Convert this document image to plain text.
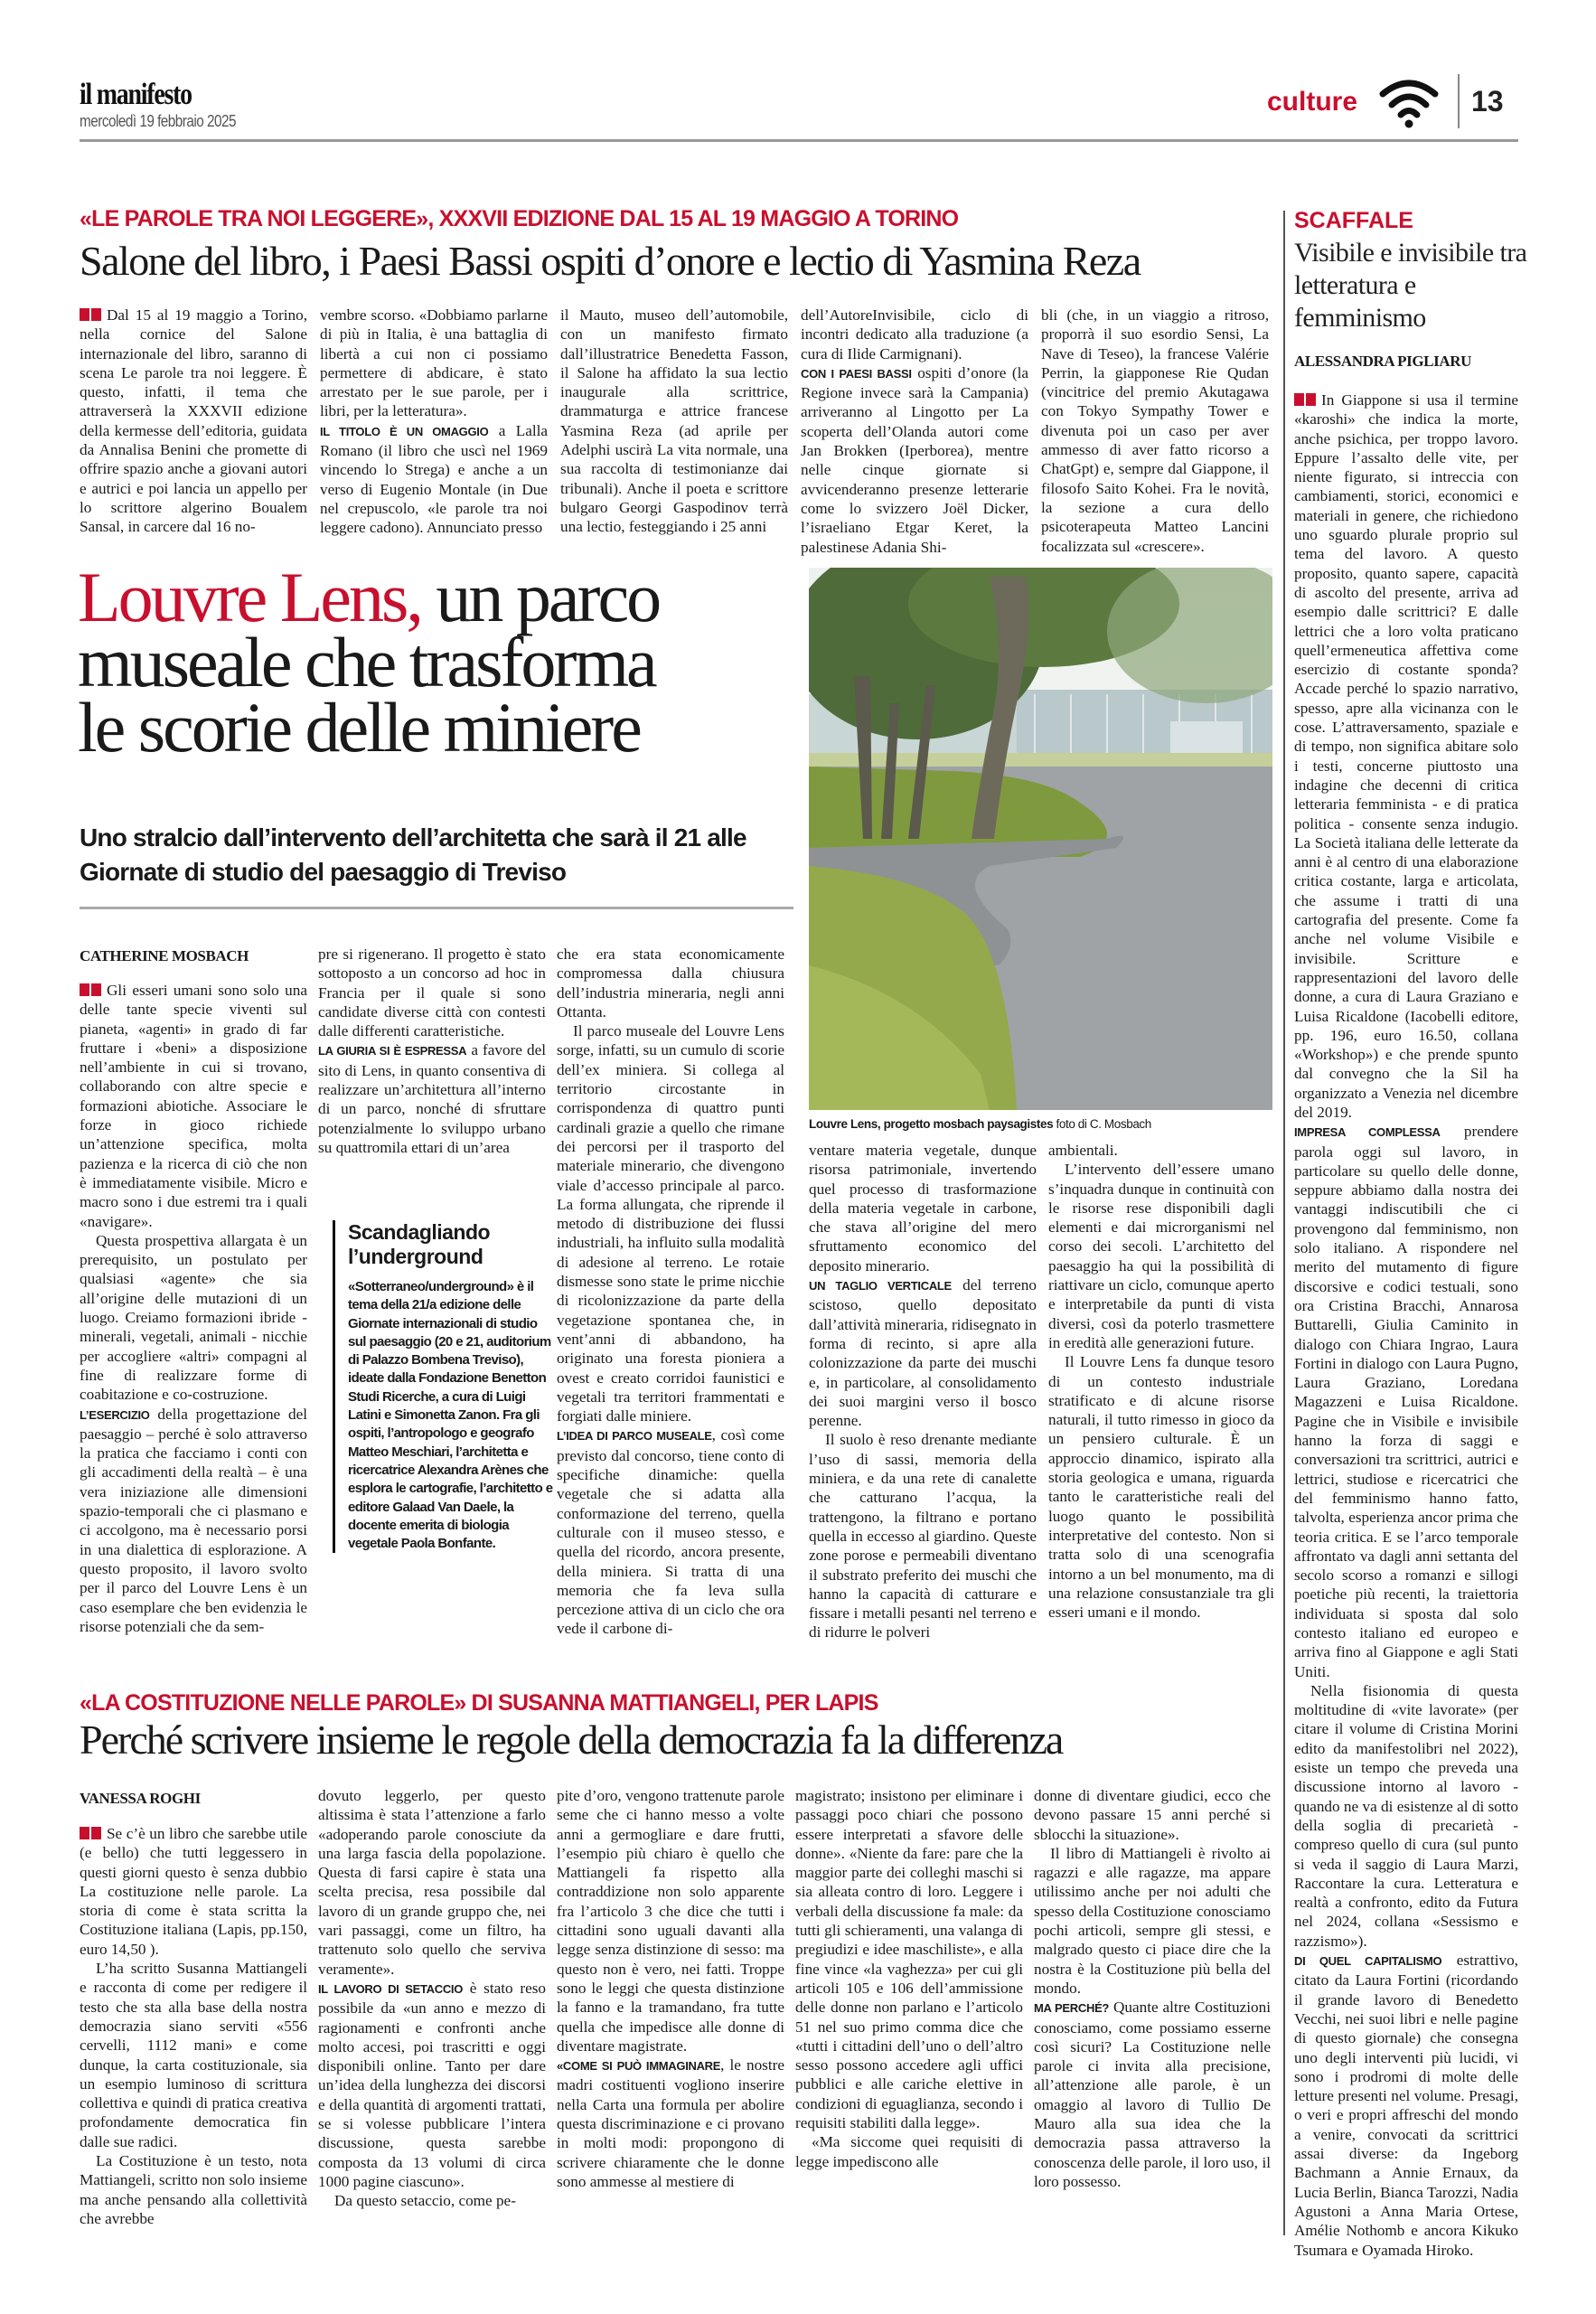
il manifesto
mercoledì 19 febbraio 2025
culture	13
«LE PAROLE TRA NOI LEGGERE», XXXVII EDIZIONE DAL 15 AL 19 MAGGIO A TORINO
Salone del libro, i Paesi Bassi ospiti d’onore e lectio di Yasmina Reza

Dal 15 al 19 maggio a Torino, nella cornice del Salone internazionale del libro, saranno di scena Le parole tra noi leggere. È questo, infatti, il tema che attraverserà la XXXVII edizione della kermesse dell’editoria, guidata da Annalisa Benini che promette di offrire spazio anche a giovani autori e autrici e poi lancia un appello per lo scrittore algerino Boualem Sansal, in carcere dal 16 no-

vembre scorso. «Dobbiamo parlarne di più in Italia, è una battaglia di libertà a cui non ci possiamo permettere di abdicare, è stato arrestato per le sue parole, per i libri, per la letteratura».

IL TITOLO È UN OMAGGIO a Lalla Romano (il libro che uscì nel 1969 vincendo lo Strega) e anche a un verso di Eugenio Montale (in Due nel crepuscolo, «le parole tra noi leggere cadono). Annunciato presso

il Mauto, museo dell’automobile, con un manifesto firmato dall’illustratrice Benedetta Fasson, il Salone ha affidato la sua lectio inaugurale alla scrittrice, drammaturga e attrice francese Yasmina Reza (ad aprile per Adelphi uscirà La vita normale, una sua raccolta di testimonianze dai tribunali). Anche il poeta e scrittore bulgaro Georgi Gaspodinov terrà una lectio, festeggiando i 25 anni

dell’AutoreInvisibile, ciclo di incontri dedicato alla traduzione (a cura di Ilide Carmignani).

CON I PAESI BASSI ospiti d’onore (la Regione invece sarà la Campania) arriveranno al Lingotto per La scoperta dell’Olanda autori come Jan Brokken (Iperborea), mentre nelle cinque giornate si avvicenderanno presenze letterarie come lo svizzero Joël Dicker, l’israeliano Etgar Keret, la palestinese Adania Shi-

bli (che, in un viaggio a ritroso, proporrà il suo esordio Sensi, La Nave di Teseo), la francese Valérie Perrin, la giapponese Rie Qudan (vincitrice del premio Akutagawa con Tokyo Sympathy Tower e divenuta poi un caso per aver ammesso di aver fatto ricorso a ChatGpt) e, sempre dal Giappone, il filosofo Saito Kohei. Fra le novità, la sezione a cura dello psicoterapeuta Matteo Lancini focalizzata sul «crescere».

SCAFFALE
Visibile e invisibile tra letteratura e femminismo
ALESSANDRA PIGLIARU

In Giappone si usa il termine «karoshi» che indica la morte, anche psichica, per troppo lavoro. Eppure l’assalto delle vite, per niente figurato, si intreccia con cambiamenti, storici, economici e materiali in genere, che richiedono uno sguardo plurale proprio sul tema del lavoro. A questo proposito, quanto sapere, capacità di ascolto del presente, arriva ad esempio dalle scrittrici? E dalle lettrici che a loro volta praticano quell’ermeneutica affettiva come esercizio di costante sponda? Accade perché lo spazio narrativo, spesso, apre alla vicinanza con le cose. L’attraversamento, spaziale e di tempo, non significa abitare solo i testi, concerne piuttosto una indagine che decenni di critica letteraria femminista - e di pratica politica - consente senza indugio. La Società italiana delle letterate da anni è al centro di una elaborazione critica costante, larga e articolata, che assume i tratti di una cartografia del presente. Come fa anche nel volume Visibile e invisibile. Scritture e rappresentazioni del lavoro delle donne, a cura di Laura Graziano e Luisa Ricaldone (Iacobelli editore, pp. 196, euro 16.50, collana «Workshop») e che prende spunto dal convegno che la Sil ha organizzato a Venezia nel dicembre del 2019.

IMPRESA COMPLESSA prendere parola oggi sul lavoro, in particolare su quello delle donne, seppure abbiamo dalla nostra dei vantaggi indiscutibili che ci provengono dal femminismo, non solo italiano. A rispondere nel merito del mutamento di figure discorsive e codici testuali, sono ora Cristina Bracchi, Annarosa Buttarelli, Giulia Caminito in dialogo con Chiara Ingrao, Laura Fortini in dialogo con Laura Pugno, Laura Graziano, Loredana Magazzeni e Luisa Ricaldone. Pagine che in Visibile e invisibile hanno la forza di saggi e conversazioni tra scrittrici, autrici e lettrici, studiose e ricercatrici che del femminismo hanno fatto, talvolta, esperienza ancor prima che teoria critica. E se l’arco temporale affrontato va dagli anni settanta del secolo scorso a romanzi e sillogi poetiche più recenti, la traiettoria individuata si sposta dal solo contesto italiano ed europeo e arriva fino al Giappone e agli Stati Uniti.

Nella fisionomia di questa moltitudine di «vite lavorate» (per citare il volume di Cristina Morini edito da manifestolibri nel 2022), esiste un tempo che preveda una discussione intorno al lavoro - quando ne va di esistenze al di sotto della soglia di precarietà - compreso quello di cura (sul punto si veda il saggio di Laura Marzi, Raccontare la cura. Letteratura e realtà a confronto, edito da Futura nel 2024, collana «Sessismo e razzismo»).

DI QUEL CAPITALISMO estrattivo, citato da Laura Fortini (ricordando il grande lavoro di Benedetto Vecchi, nei suoi libri e nelle pagine di questo giornale) che consegna uno degli interventi più lucidi, vi sono i prodromi di molte delle letture presenti nel volume. Presagi, o veri e propri affreschi del mondo a venire, convocati da scrittrici assai diverse: da Ingeborg Bachmann a Annie Ernaux, da Lucia Berlin, Bianca Tarozzi, Nadia Agustoni a Anna Maria Ortese, Amélie Nothomb e ancora Kikuko Tsumara e Oyamada Hiroko.

Louvre Lens, un parco
museale che trasforma
le scorie delle miniere
Uno stralcio dall’intervento dell’architetta che sarà il 21 alle Giornate di studio del paesaggio di Treviso
CATHERINE MOSBACH
Louvre Lens, progetto mosbach paysagistes foto di C. Mosbach

Gli esseri umani sono solo una delle tante specie viventi sul pianeta, «agenti» in grado di far fruttare i «beni» a disposizione nell’ambiente in cui si trovano, collaborando con altre specie e formazioni abiotiche. Associare le forze in gioco richiede un’attenzione specifica, molta pazienza e la ricerca di ciò che non è immediatamente visibile. Micro e macro sono i due estremi tra i quali «navigare».

Questa prospettiva allargata è un prerequisito, un postulato per qualsiasi «agente» che sia all’origine delle mutazioni di un luogo. Creiamo formazioni ibride - minerali, vegetali, animali - nicchie per accogliere «altri» compagni al fine di realizzare forme di coabitazione e co-costruzione.

L’ESERCIZIO della progettazione del paesaggio – perché è solo attraverso la pratica che facciamo i conti con gli accadimenti della realtà – è una vera iniziazione alle dimensioni spazio-temporali che ci plasmano e ci accolgono, ma è necessario porsi in una dialettica di esplorazione. A questo proposito, il lavoro svolto per il parco del Louvre Lens è un caso esemplare che ben evidenzia le risorse potenziali che da sem-

pre si rigenerano. Il progetto è stato sottoposto a un concorso ad hoc in Francia per il quale si sono candidate diverse città con contesti dalle differenti caratteristiche.

LA GIURIA SI È ESPRESSA a favore del sito di Lens, in quanto consentiva di realizzare un’architettura all’interno di un parco, nonché di sfruttare potenzialmente lo sviluppo urbano su quattromila ettari di un’area

Scandagliando l’underground
«Sotterraneo/underground» è il tema della 21/a edizione delle Giornate internazionali di studio sul paesaggio (20 e 21, auditorium di Palazzo Bombena Treviso), ideate dalla Fondazione Benetton Studi Ricerche, a cura di Luigi Latini e Simonetta Zanon. Fra gli ospiti, l’antropologo e geografo Matteo Meschiari, l’architetta e ricercatrice Alexandra Arènes che esplora le cartografie, l’architetto e editore Galaad Van Daele, la docente emerita di biologia vegetale Paola Bonfante.

che era stata economicamente compromessa dalla chiusura dell’industria mineraria, negli anni Ottanta.

Il parco museale del Louvre Lens sorge, infatti, su un cumulo di scorie dell’ex miniera. Si collega al territorio circostante in corrispondenza di quattro punti cardinali grazie a quello che rimane dei percorsi per il trasporto del materiale minerario, che divengono viale d’accesso principale al parco. La forma allungata, che riprende il metodo di distribuzione dei flussi industriali, ha influito sulla modalità di adesione al terreno. Le rotaie dismesse sono state le prime nicchie di ricolonizzazione da parte della vegetazione spontanea che, in vent’anni di abbandono, ha originato una foresta pioniera a ovest e creato corridoi faunistici e vegetali tra territori frammentati e forgiati dalle miniere.

L’IDEA DI PARCO MUSEALE, così come previsto dal concorso, tiene conto di specifiche dinamiche: quella vegetale che si adatta alla conformazione del terreno, quella culturale con il museo stesso, e quella del ricordo, ancora presente, della miniera. Si tratta di una memoria che fa leva sulla percezione attiva di un ciclo che ora vede il carbone di-

ventare materia vegetale, dunque risorsa patrimoniale, invertendo quel processo di trasformazione della materia vegetale in carbone, che stava all’origine del mero sfruttamento economico del deposito minerario.

UN TAGLIO VERTICALE del terreno scistoso, quello depositato dall’attività mineraria, ridisegnato in forma di recinto, si apre alla colonizzazione da parte dei muschi e, in particolare, al consolidamento dei suoi margini verso il bosco perenne.

Il suolo è reso drenante mediante l’uso di sassi, memoria della miniera, e da una rete di canalette che catturano l’acqua, la trattengono, la filtrano e portano quella in eccesso al giardino. Queste zone porose e permeabili diventano il substrato preferito dei muschi che hanno la capacità di catturare e fissare i metalli pesanti nel terreno e di ridurre le polveri

ambientali.

L’intervento dell’essere umano s’inquadra dunque in continuità con le risorse rese disponibili dagli elementi e dai microrganismi nel corso dei secoli. L’architetto del paesaggio ha qui la possibilità di riattivare un ciclo, comunque aperto e interpretabile da punti di vista diversi, così da poterlo trasmettere in eredità alle generazioni future.

Il Louvre Lens fa dunque tesoro di un contesto industriale stratificato e di alcune risorse naturali, il tutto rimesso in gioco da un pensiero culturale. È un approccio dinamico, ispirato alla storia geologica e umana, riguarda tanto le caratteristiche reali del luogo quanto le possibilità interpretative del contesto. Non si tratta solo di una scenografia intorno a un bel monumento, ma di una relazione consustanziale tra gli esseri umani e il mondo.

«LA COSTITUZIONE NELLE PAROLE» DI SUSANNA MATTIANGELI, PER LAPIS
Perché scrivere insieme le regole della democrazia fa la differenza
VANESSA ROGHI

Se c’è un libro che sarebbe utile (e bello) che tutti leggessero in questi giorni questo è senza dubbio La costituzione nelle parole. La storia di come è stata scritta la Costituzione italiana (Lapis, pp.150, euro 14,50 ).

L’ha scritto Susanna Mattiangeli e racconta di come per redigere il testo che sta alla base della nostra democrazia siano serviti «556 cervelli, 1112 mani» e come dunque, la carta costituzionale, sia un esempio luminoso di scrittura collettiva e quindi di pratica creativa profondamente democratica fin dalle sue radici.

La Costituzione è un testo, nota Mattiangeli, scritto non solo insieme ma anche pensando alla collettività che avrebbe

dovuto leggerlo, per questo altissima è stata l’attenzione a farlo «adoperando parole conosciute da una larga fascia della popolazione. Questa di farsi capire è stata una scelta precisa, resa possibile dal lavoro di un grande gruppo che, nei vari passaggi, come un filtro, ha trattenuto solo quello che serviva veramente».

IL LAVORO DI SETACCIO è stato reso possibile da «un anno e mezzo di ragionamenti e confronti anche molto accesi, poi trascritti e oggi disponibili online. Tanto per dare un’idea della lunghezza dei discorsi e della quantità di argomenti trattati, se si volesse pubblicare l’intera discussione, questa sarebbe composta da 13 volumi di circa 1000 pagine ciascuno».

Da questo setaccio, come pe-

pite d’oro, vengono trattenute parole seme che ci hanno messo a volte anni a germogliare e dare frutti, l’esempio più chiaro è quello che Mattiangeli fa rispetto alla contraddizione non solo apparente fra l’articolo 3 che dice che tutti i cittadini sono uguali davanti alla legge senza distinzione di sesso: ma questo non è vero, nei fatti. Troppe sono le leggi che questa distinzione la fanno e la tramandano, fra tutte quella che impedisce alle donne di diventare magistrate.

«COME SI PUÒ IMMAGINARE, le nostre madri costituenti vogliono inserire nella Carta una formula per abolire questa discriminazione e ci provano in molti modi: propongono di scrivere chiaramente che le donne sono ammesse al mestiere di

magistrato; insistono per eliminare i passaggi poco chiari che possono essere interpretati a sfavore delle donne». «Niente da fare: pare che la maggior parte dei colleghi maschi si sia alleata contro di loro. Leggere i verbali della discussione fa male: da tutti gli schieramenti, una valanga di pregiudizi e idee maschiliste», e alla fine vince «la vaghezza» per cui gli articoli 105 e 106 dell’ammissione delle donne non parlano e l’articolo 51 nel suo primo comma dice che «tutti i cittadini dell’uno o dell’altro sesso possono accedere agli uffici pubblici e alle cariche elettive in condizioni di eguaglianza, secondo i requisiti stabiliti dalla legge».

«Ma siccome quei requisiti di legge impediscono alle

donne di diventare giudici, ecco che devono passare 15 anni perché si sblocchi la situazione».

Il libro di Mattiangeli è rivolto ai ragazzi e alle ragazze, ma appare utilissimo anche per noi adulti che spesso della Costituzione conosciamo pochi articoli, sempre gli stessi, e malgrado questo ci piace dire che la nostra è la Costituzione più bella del mondo.

MA PERCHÉ? Quante altre Costituzioni conosciamo, come possiamo esserne così sicuri? La Costituzione nelle parole ci invita alla precisione, all’attenzione alle parole, è un omaggio al lavoro di Tullio De Mauro alla sua idea che la democrazia passa attraverso la conoscenza delle parole, il loro uso, il loro possesso.
